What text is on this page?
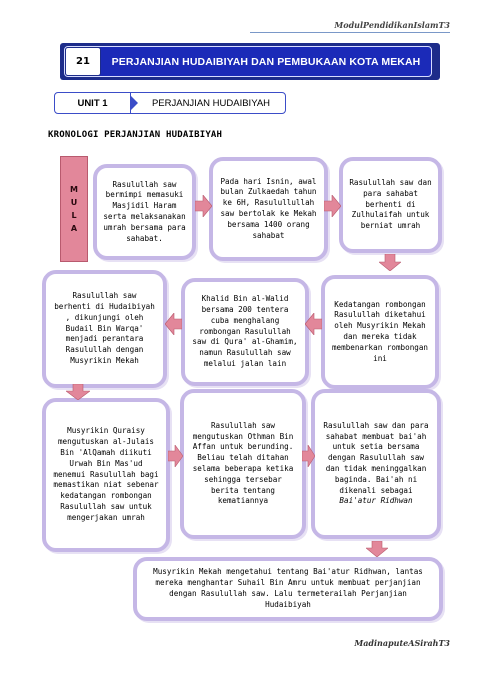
ModulPendidikanIslamT3
21	PERJANJIAN HUDAIBIYAH DAN PEMBUKAAN KOTA MEKAH
UNIT 1	PERJANJIAN HUDAIBIYAH
KRONOLOGI PERJANJIAN HUDAIBIYAH
M
U
L
A
Rasulullah saw bermimpi memasuki Masjidil Haram serta melaksanakan umrah bersama para sahabat.
Pada hari Isnin, awal bulan Zulkaedah tahun ke 6H, Rasulullullah saw bertolak ke Mekah bersama 1400 orang sahabat
Rasulullah saw dan para sahabat berhenti di Zulhulaifah untuk berniat umrah
Rasulullah saw berhenti di Hudaibiyah , dikunjungi oleh Budail Bin Warqa' menjadi perantara Rasulullah dengan Musyrikin Mekah
Khalid Bin al-Walid bersama 200 tentera cuba menghalang rombongan Rasulullah saw di Qura' al-Ghamim, namun Rasulullah saw melalui jalan lain
Kedatangan rombongan Rasulullah diketahui oleh Musyrikin Mekah dan mereka tidak membenarkan rombongan ini
Musyrikin Quraisy mengutuskan al-Julais Bin 'AlQamah diikuti Urwah Bin Mas'ud menemui Rasulullah bagi memastikan niat sebenar kedatangan rombongan Rasulullah saw untuk mengerjakan umrah
Rasulullah saw mengutuskan Othman Bin Affan untuk berunding. Beliau telah ditahan selama beberapa ketika sehingga tersebar berita tentang kematiannya
Rasulullah saw dan para sahabat membuat bai'ah untuk setia bersama dengan Rasulullah saw dan tidak meninggalkan baginda. Bai'ah ni dikenali sebagai
Bai'atur Ridhwan
Musyrikin Mekah mengetahui tentang Bai'atur Ridhwan, lantas mereka menghantar Suhail Bin Amru untuk membuat perjanjian dengan Rasulullah saw. Lalu termeterailah Perjanjian Hudaibiyah
MadinaputeASirahT3
